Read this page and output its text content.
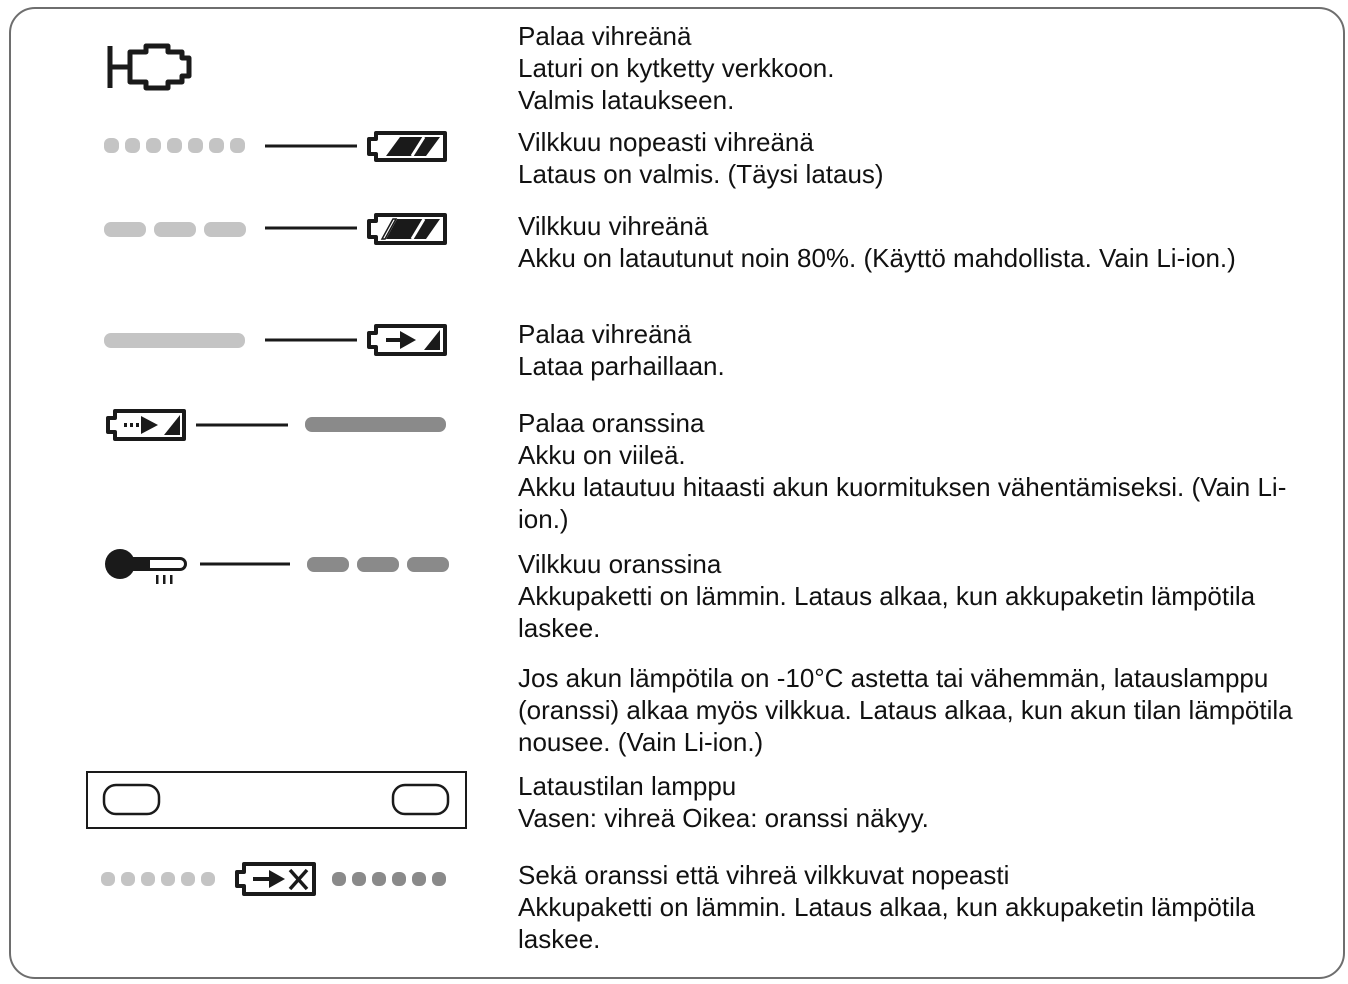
Palaa vihreänä
Laturi on kytketty verkkoon.
Valmis lataukseen.
Vilkkuu nopeasti vihreänä
Lataus on valmis. (Täysi lataus)
Vilkkuu vihreänä
Akku on latautunut noin 80%. (Käyttö mahdollista. Vain Li-ion.)
Palaa vihreänä
Lataa parhaillaan.
Palaa oranssina
Akku on viileä.
Akku latautuu hitaasti akun kuormituksen vähentämiseksi. (Vain Li-ion.)
Vilkkuu oranssina
Akkupaketti on lämmin. Lataus alkaa, kun akkupaketin lämpötila laskee.
Jos akun lämpötila on -10°C astetta tai vähemmän, latauslamppu (oranssi) alkaa myös vilkkua. Lataus alkaa, kun akun tilan lämpötila nousee. (Vain Li-ion.)
Lataustilan lamppu
Vasen: vihreä Oikea: oranssi näkyy.
Sekä oranssi että vihreä vilkkuvat nopeasti
Akkupaketti on lämmin. Lataus alkaa, kun akkupaketin lämpötila laskee.
